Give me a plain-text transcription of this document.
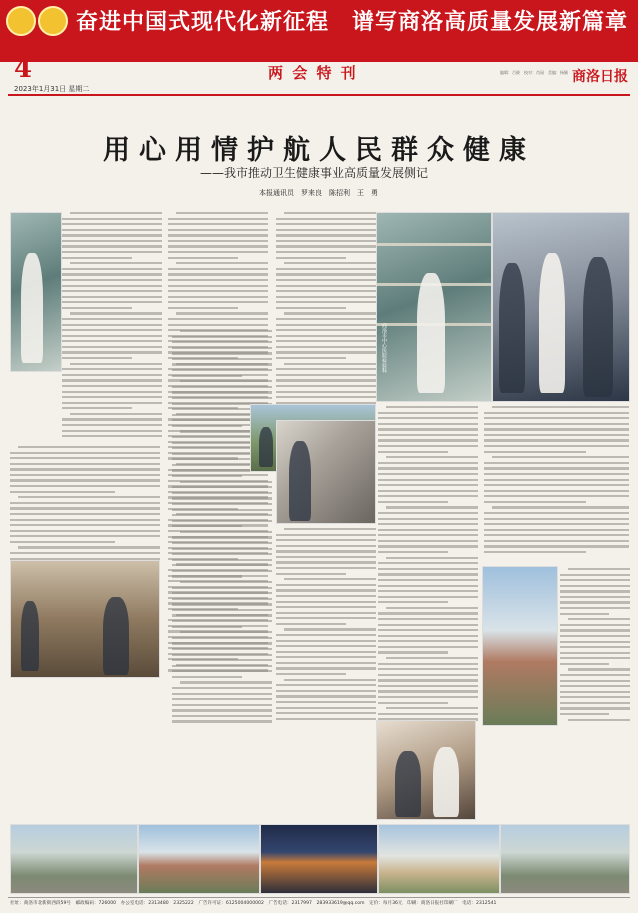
奋进中国式现代化新征程　谱写商洛高质量发展新篇章
4	两 会 特 刊	编辑：吕筱　校对：肖园　美编：杨颖 商洛日报
2023年1月31日 星期二
用心用情护航人民群众健康
——我市推动卫生健康事业高质量发展侧记
本报通讯员　罗来良　陈招利　王　勇
商洛市中心医院检验科
社址：商洛市北新街西段59号　邮政编码：726000　办公室电话：2313480　2325222　广告许可证：6125004000002　广告电话：2317997　283933619@qq.com　定价：每月36元　印刷：商洛日报社印刷厂　电话：2312541
